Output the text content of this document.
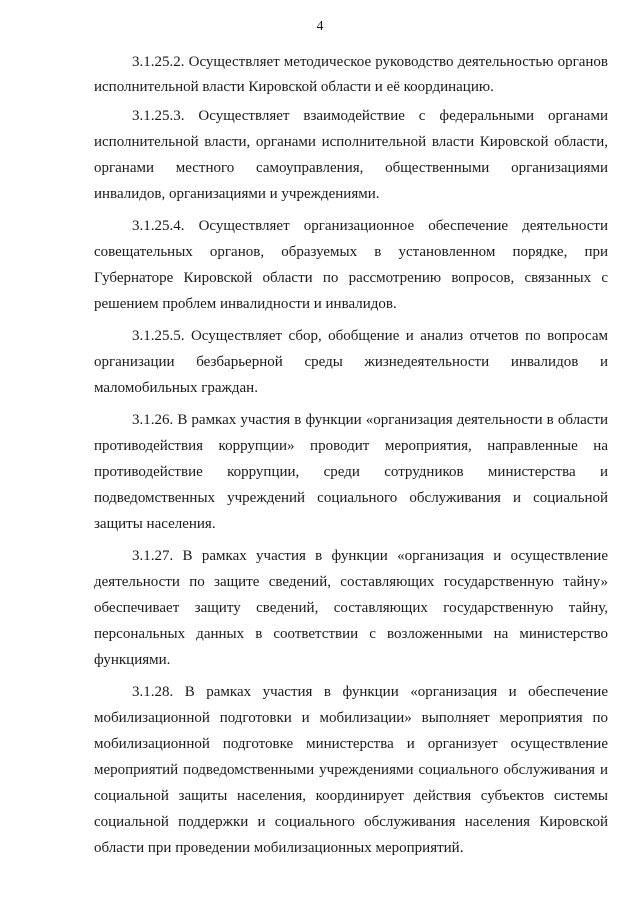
4

3.1.25.2. Осуществляет методическое руководство деятельностью органов исполнительной власти Кировской области и её координацию.

3.1.25.3. Осуществляет взаимодействие с федеральными органами исполнительной власти, органами исполнительной власти Кировской области, органами местного самоуправления, общественными организациями инвалидов, организациями и учреждениями.

3.1.25.4. Осуществляет организационное обеспечение деятельности совещательных органов, образуемых в установленном порядке, при Губернаторе Кировской области по рассмотрению вопросов, связанных с решением проблем инвалидности и инвалидов.

3.1.25.5. Осуществляет сбор, обобщение и анализ отчетов по вопросам организации безбарьерной среды жизнедеятельности инвалидов и маломобильных граждан.

3.1.26. В рамках участия в функции «организация деятельности в области противодействия коррупции» проводит мероприятия, направленные на противодействие коррупции, среди сотрудников министерства и подведомственных учреждений социального обслуживания и социальной защиты населения.

3.1.27. В рамках участия в функции «организация и осуществление деятельности по защите сведений, составляющих государственную тайну» обеспечивает защиту сведений, составляющих государственную тайну, персональных данных в соответствии с возложенными на министерство функциями.

3.1.28. В рамках участия в функции «организация и обеспечение мобилизационной подготовки и мобилизации» выполняет мероприятия по мобилизационной подготовке министерства и организует осуществление мероприятий подведомственными учреждениями социального обслуживания и социальной защиты населения, координирует действия субъектов системы социальной поддержки и социального обслуживания населения Кировской области при проведении мобилизационных мероприятий.
